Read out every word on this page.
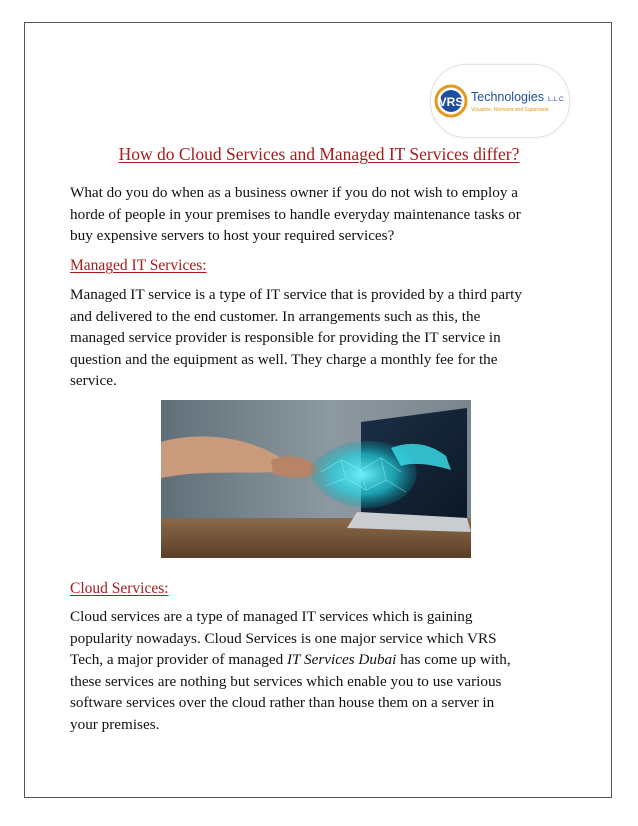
VRS Technologies L.L.C
Visualize, Reinvent and Supersede
How do Cloud Services and Managed IT Services differ?

What do you do when as a business owner if you do not wish to employ a
horde of people in your premises to handle everyday maintenance tasks or
buy expensive servers to host your required services?

Managed IT Services:

Managed IT service is a type of IT service that is provided by a third party
and delivered to the end customer. In arrangements such as this, the
managed service provider is responsible for providing the IT service in
question and the equipment as well. They charge a monthly fee for the
service.

Cloud Services:

Cloud services are a type of managed IT services which is gaining
popularity nowadays. Cloud Services is one major service which VRS
Tech, a major provider of managed IT Services Dubai has come up with,
these services are nothing but services which enable you to use various
software services over the cloud rather than house them on a server in
your premises.
